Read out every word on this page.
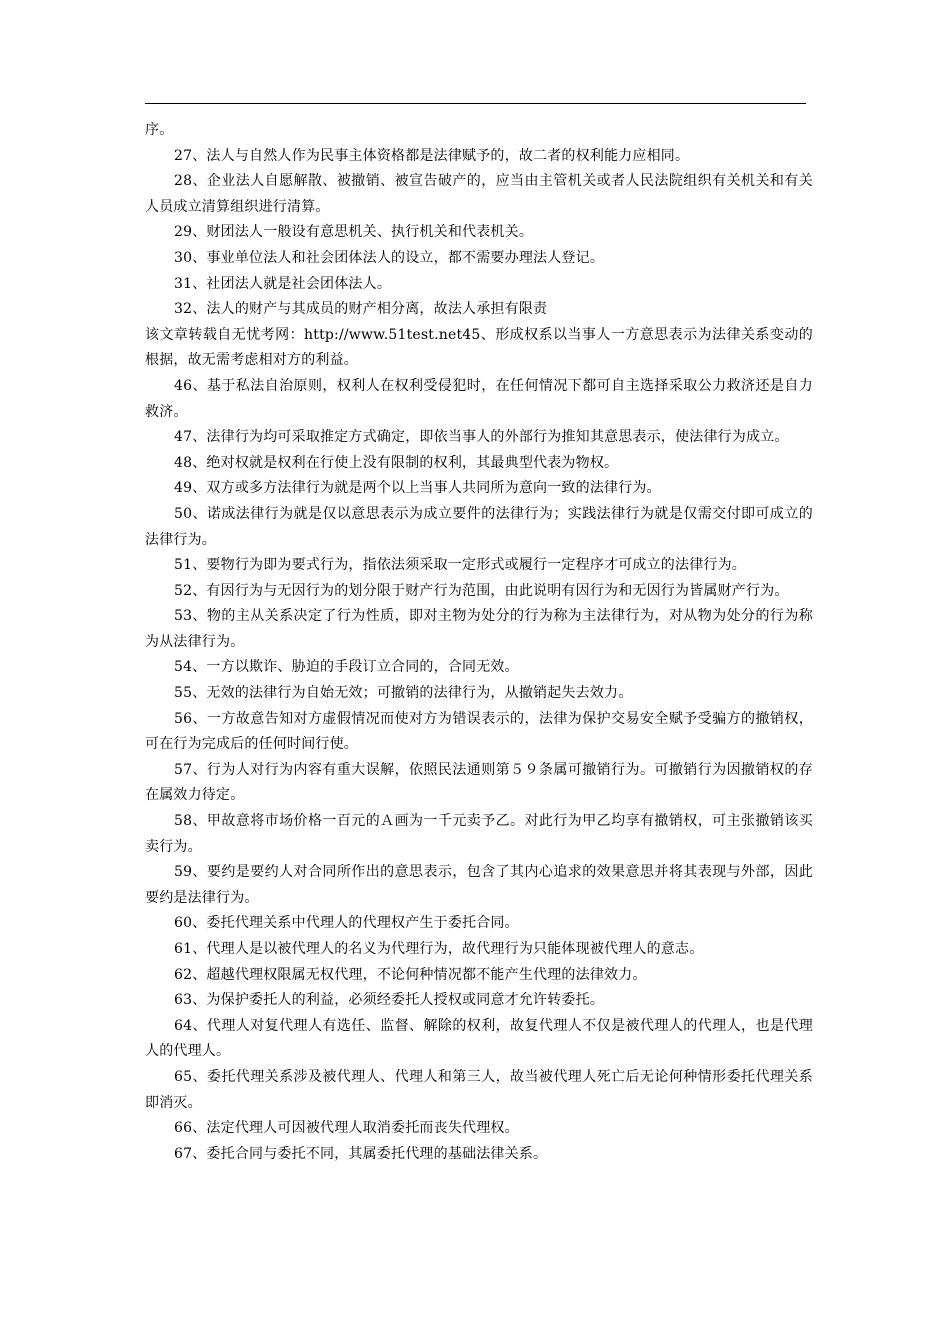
序。

27、法人与自然人作为民事主体资格都是法律赋予的，故二者的权利能力应相同。

28、企业法人自愿解散、被撤销、被宣告破产的，应当由主管机关或者人民法院组织有关机关和有关人员成立清算组织进行清算。

29、财团法人一般设有意思机关、执行机关和代表机关。

30、事业单位法人和社会团体法人的设立，都不需要办理法人登记。

31、社团法人就是社会团体法人。

32、法人的财产与其成员的财产相分离，故法人承担有限责

该文章转载自无忧考网：http://www.51test.net45、形成权系以当事人一方意思表示为法律关系变动的根据，故无需考虑相对方的利益。

46、基于私法自治原则，权利人在权利受侵犯时，在任何情况下都可自主选择采取公力救济还是自力救济。

47、法律行为均可采取推定方式确定，即依当事人的外部行为推知其意思表示，使法律行为成立。

48、绝对权就是权利在行使上没有限制的权利，其最典型代表为物权。

49、双方或多方法律行为就是两个以上当事人共同所为意向一致的法律行为。

50、诺成法律行为就是仅以意思表示为成立要件的法律行为；实践法律行为就是仅需交付即可成立的法律行为。

51、要物行为即为要式行为，指依法须采取一定形式或履行一定程序才可成立的法律行为。

52、有因行为与无因行为的划分限于财产行为范围，由此说明有因行为和无因行为皆属财产行为。

53、物的主从关系决定了行为性质，即对主物为处分的行为称为主法律行为，对从物为处分的行为称为从法律行为。

54、一方以欺诈、胁迫的手段订立合同的，合同无效。

55、无效的法律行为自始无效；可撤销的法律行为，从撤销起失去效力。

56、一方故意告知对方虚假情况而使对方为错误表示的，法律为保护交易安全赋予受骗方的撤销权，可在行为完成后的任何时间行使。

57、行为人对行为内容有重大误解，依照民法通则第５９条属可撤销行为。可撤销行为因撤销权的存在属效力待定。

58、甲故意将市场价格一百元的Ａ画为一千元卖予乙。对此行为甲乙均享有撤销权，可主张撤销该买卖行为。

59、要约是要约人对合同所作出的意思表示，包含了其内心追求的效果意思并将其表现与外部，因此要约是法律行为。

60、委托代理关系中代理人的代理权产生于委托合同。

61、代理人是以被代理人的名义为代理行为，故代理行为只能体现被代理人的意志。

62、超越代理权限属无权代理，不论何种情况都不能产生代理的法律效力。

63、为保护委托人的利益，必须经委托人授权或同意才允许转委托。

64、代理人对复代理人有选任、监督、解除的权利，故复代理人不仅是被代理人的代理人，也是代理人的代理人。

65、委托代理关系涉及被代理人、代理人和第三人，故当被代理人死亡后无论何种情形委托代理关系即消灭。

66、法定代理人可因被代理人取消委托而丧失代理权。

67、委托合同与委托不同，其属委托代理的基础法律关系。
